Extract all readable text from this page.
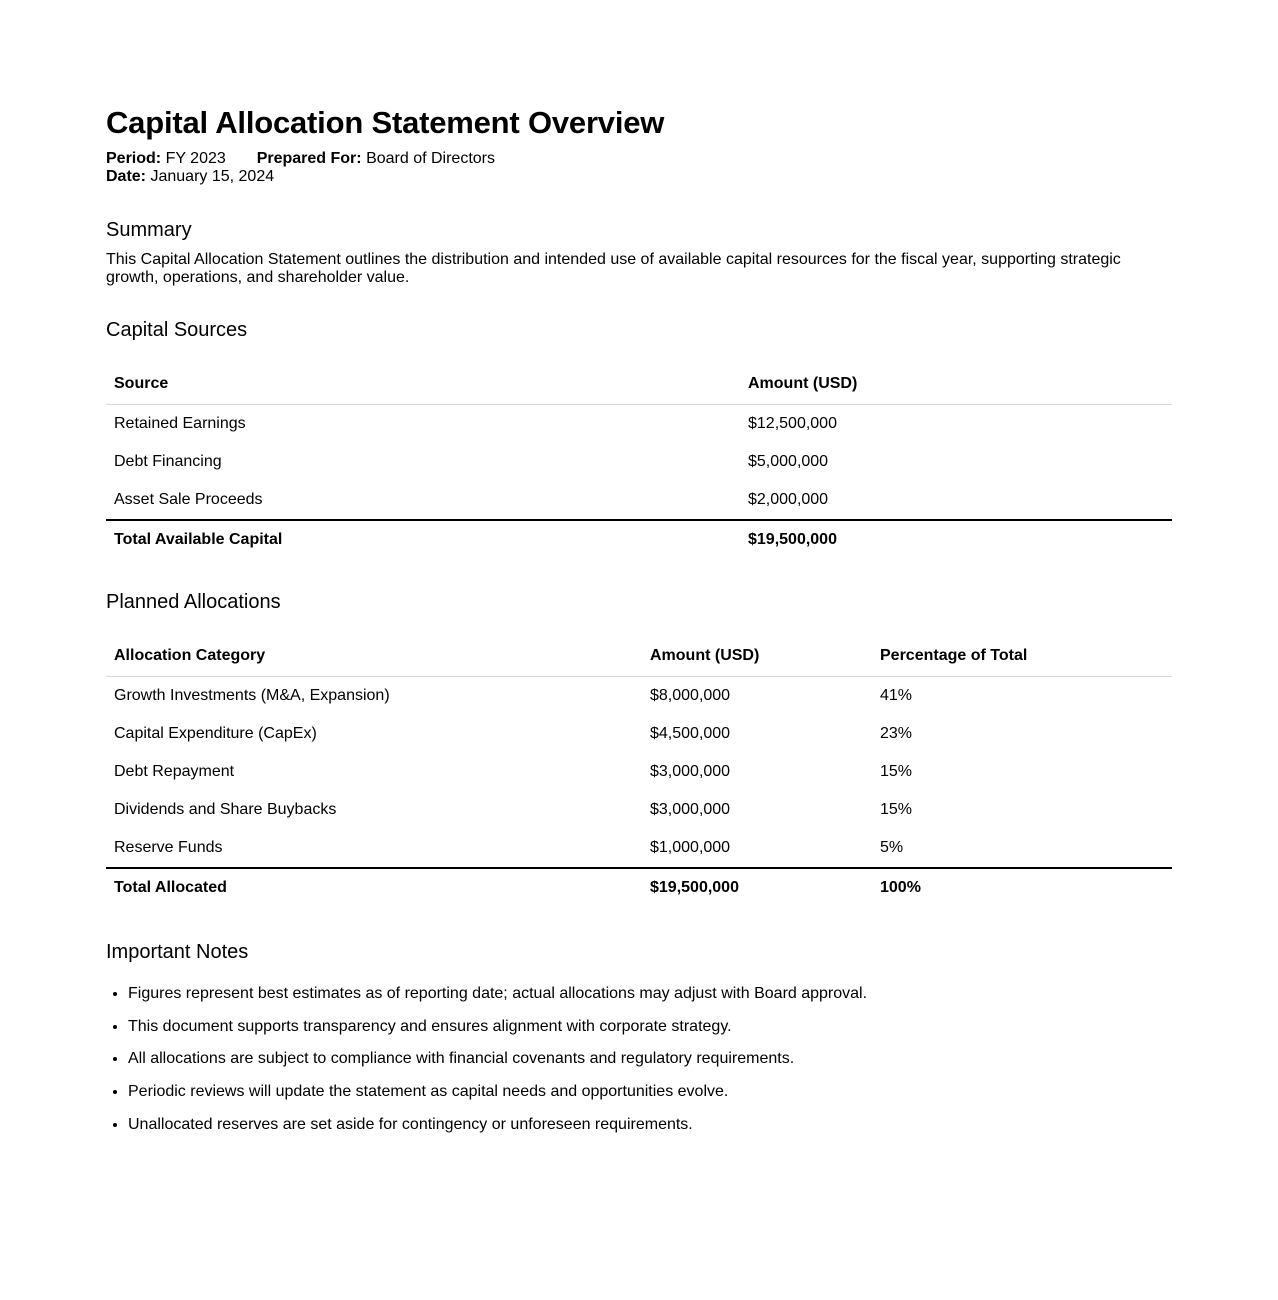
Capital Allocation Statement Overview
Period: FY 2023 Prepared For: Board of Directors
Date: January 15, 2024
Summary

This Capital Allocation Statement outlines the distribution and intended use of available capital resources for the fiscal year, supporting strategic growth, operations, and shareholder value.

Capital Sources
Source	Amount (USD)
Retained Earnings	$12,500,000
Debt Financing	$5,000,000
Asset Sale Proceeds	$2,000,000
Total Available Capital	$19,500,000
Planned Allocations
Allocation Category	Amount (USD)	Percentage of Total
Growth Investments (M&A, Expansion)	$8,000,000	41%
Capital Expenditure (CapEx)	$4,500,000	23%
Debt Repayment	$3,000,000	15%
Dividends and Share Buybacks	$3,000,000	15%
Reserve Funds	$1,000,000	5%
Total Allocated	$19,500,000	100%
Important Notes
• Figures represent best estimates as of reporting date; actual allocations may adjust with Board approval.
• This document supports transparency and ensures alignment with corporate strategy.
• All allocations are subject to compliance with financial covenants and regulatory requirements.
• Periodic reviews will update the statement as capital needs and opportunities evolve.
• Unallocated reserves are set aside for contingency or unforeseen requirements.
